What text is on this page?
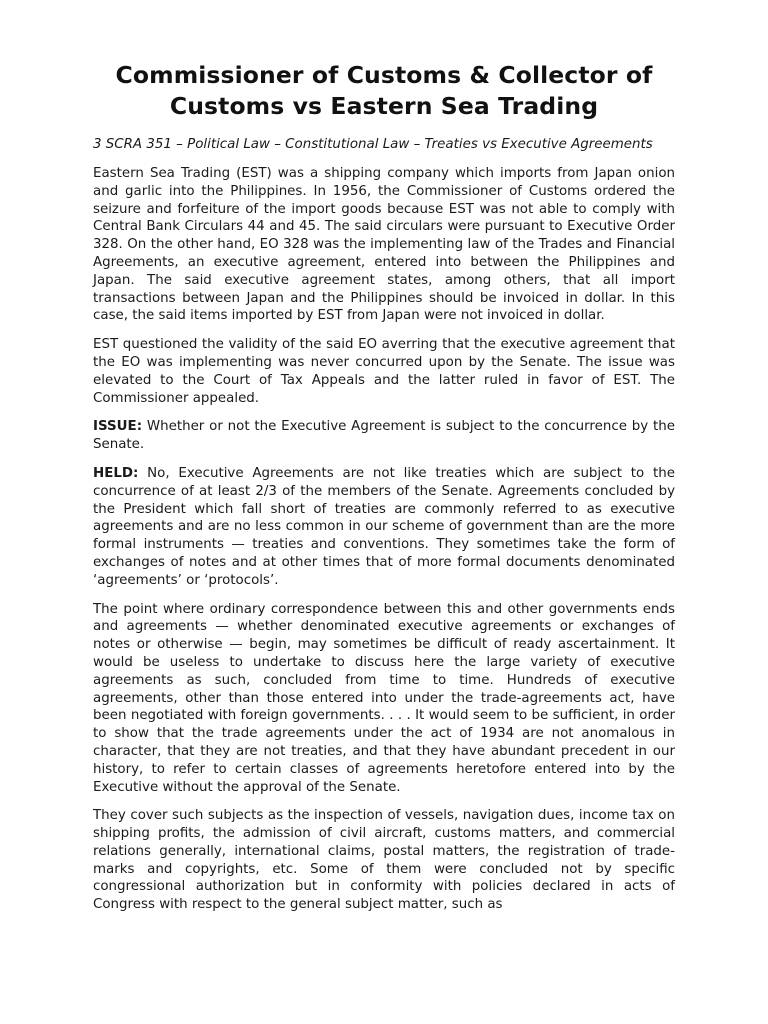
Commissioner of Customs & Collector of Customs vs Eastern Sea Trading
3 SCRA 351 – Political Law – Constitutional Law – Treaties vs Executive Agreements

Eastern Sea Trading (EST) was a shipping company which imports from Japan onion and garlic into the Philippines. In 1956, the Commissioner of Customs ordered the seizure and forfeiture of the import goods because EST was not able to comply with Central Bank Circulars 44 and 45. The said circulars were pursuant to Executive Order 328. On the other hand, EO 328 was the implementing law of the Trades and Financial Agreements, an executive agreement, entered into between the Philippines and Japan. The said executive agreement states, among others, that all import transactions between Japan and the Philippines should be invoiced in dollar. In this case, the said items imported by EST from Japan were not invoiced in dollar.

EST questioned the validity of the said EO averring that the executive agreement that the EO was implementing was never concurred upon by the Senate. The issue was elevated to the Court of Tax Appeals and the latter ruled in favor of EST. The Commissioner appealed.

ISSUE: Whether or not the Executive Agreement is subject to the concurrence by the Senate.

HELD: No, Executive Agreements are not like treaties which are subject to the concurrence of at least 2/3 of the members of the Senate. Agreements concluded by the President which fall short of treaties are commonly referred to as executive agreements and are no less common in our scheme of government than are the more formal instruments — treaties and conventions. They sometimes take the form of exchanges of notes and at other times that of more formal documents denominated ‘agreements’ or ‘protocols’.

The point where ordinary correspondence between this and other governments ends and agreements — whether denominated executive agreements or exchanges of notes or otherwise — begin, may sometimes be difficult of ready ascertainment. It would be useless to undertake to discuss here the large variety of executive agreements as such, concluded from time to time. Hundreds of executive agreements, other than those entered into under the trade-agreements act, have been negotiated with foreign governments. . . . It would seem to be sufficient, in order to show that the trade agreements under the act of 1934 are not anomalous in character, that they are not treaties, and that they have abundant precedent in our history, to refer to certain classes of agreements heretofore entered into by the Executive without the approval of the Senate.

They cover such subjects as the inspection of vessels, navigation dues, income tax on shipping profits, the admission of civil aircraft, customs matters, and commercial relations generally, international claims, postal matters, the registration of trade-marks and copyrights, etc. Some of them were concluded not by specific congressional authorization but in conformity with policies declared in acts of Congress with respect to the general subject matter, such as
